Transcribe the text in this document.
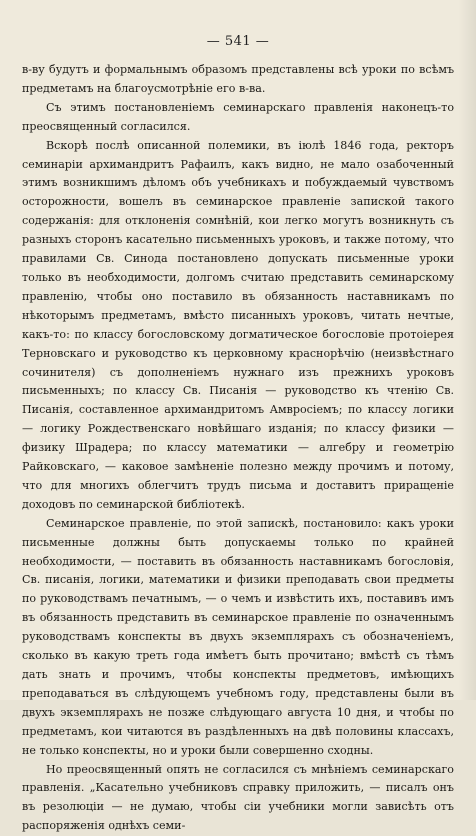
— 541 —

в-ву будутъ и формальнымъ образомъ представлены всѣ уроки по всѣмъ предметамъ на благоусмотрѣніе его в-ва.

Съ этимъ постановленіемъ семинарскаго правленія наконецъ-то преосвященный согласился.

Вскорѣ послѣ описанной полемики, въ іюлѣ 1846 года, ректоръ семинаріи архимандритъ Рафаилъ, какъ видно, не мало озабоченный этимъ возникшимъ дѣломъ объ учебникахъ и побуждаемый чувствомъ осторожности, вошелъ въ семинарское правленіе запиской такого содержанія: для отклоненія сомнѣній, кои легко могутъ возникнуть съ разныхъ сторонъ касательно письменныхъ уроковъ, и также потому, что правилами Св. Синода постановлено допускать письменные уроки только въ необходимости, долгомъ считаю представить семинарскому правленію, чтобы оно поставило въ обязанность наставникамъ по нѣкоторымъ предметамъ, вмѣсто писанныхъ уроковъ, читать нечтые, какъ-то: по классу богословскому догматическое богословіе протоіерея Терновскаго и руководство къ церковному краснорѣчію (неизвѣстнаго сочинителя) съ дополненіемъ нужнаго изъ прежнихъ уроковъ письменныхъ; по классу Св. Писанія — руководство къ чтенію Св. Писанія, составленное архимандритомъ Амвросіемъ; по классу логики — логику Рождественскаго новѣйшаго изданія; по классу физики — физику Шрадера; по классу математики — алгебру и геометрію Райковскаго, — каковое замѣненіе полезно между прочимъ и потому, что для многихъ облегчитъ трудъ письма и доставитъ приращеніе доходовъ по семинарской библіотекѣ.

Семинарское правленіе, по этой запискѣ, постановило: какъ уроки письменные должны быть допускаемы только по крайней необходимости, — поставить въ обязанность наставникамъ богословія, Св. писанія, логики, математики и физики преподавать свои предметы по руководствамъ печатнымъ, — о чемъ и извѣстить ихъ, поставивъ имъ въ обязанность представить въ семинарское правленіе по означеннымъ руководствамъ конспекты въ двухъ экземплярахъ съ обозначеніемъ, сколько въ какую треть года имѣетъ быть прочитано; вмѣстѣ съ тѣмъ дать знать и прочимъ, чтобы конспекты предметовъ, имѣющихъ преподаваться въ слѣдующемъ учебномъ году, представлены были въ двухъ экземплярахъ не позже слѣдующаго августа 10 дня, и чтобы по предметамъ, кои читаются въ раздѣленныхъ на двѣ половины классахъ, не только конспекты, но и уроки были совершенно сходны.

Но преосвященный опять не согласился съ мнѣніемъ семинарскаго правленія. „Касательно учебниковъ справку приложить, — писалъ онъ въ резолюціи — не думаю, чтобы сіи учебники могли зависѣть отъ распоряженія однѣхъ семи-
